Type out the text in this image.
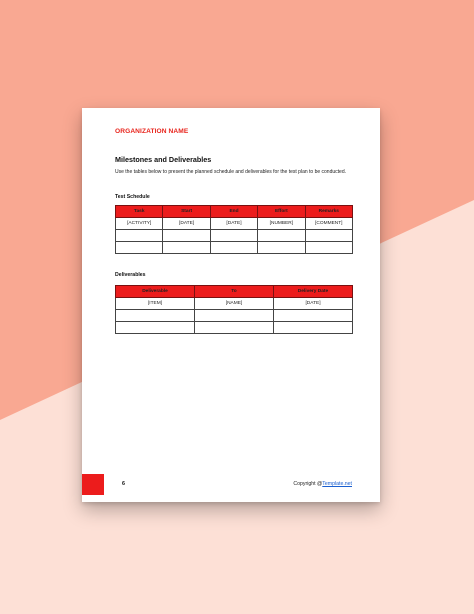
ORGANIZATION NAME
Milestones and Deliverables
Use the tables below to present the planned schedule and deliverables for the test plan to be conducted.
Test Schedule
Task	Start	End	Effort	Remarks
[ACTIVITY]	[DATE]	[DATE]	[NUMBER]	[COMMENT]

Deliverables
Deliverable	To	Delivery Date
[ITEM]	[NAME]	[DATE]

6	Copyright @Template.net
